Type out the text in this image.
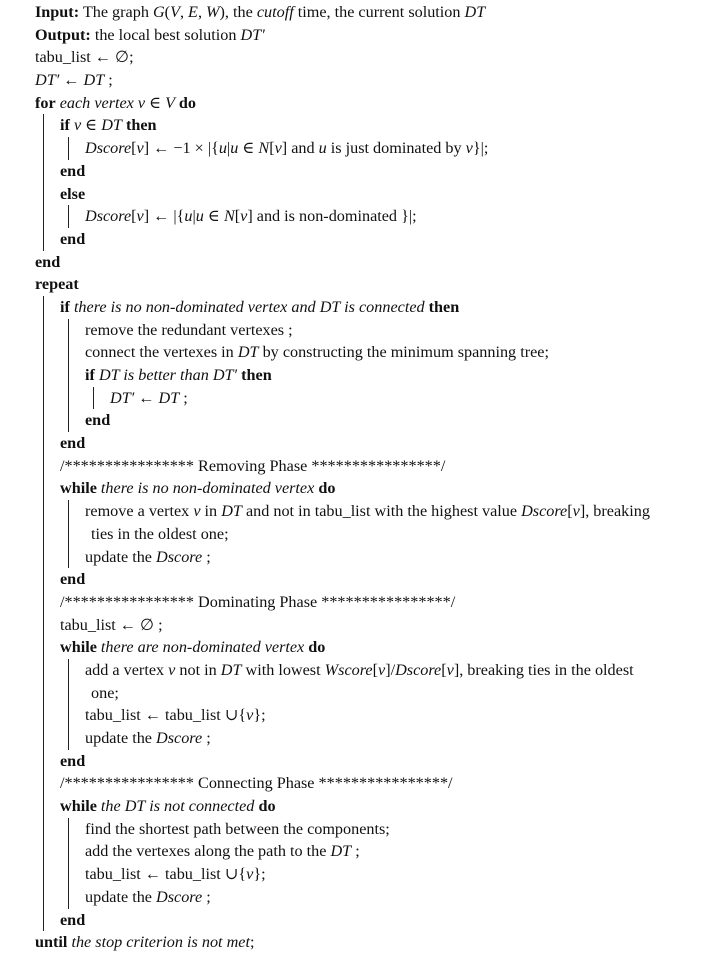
Input: The graph G(V, E, W), the cutoff time, the current solution DT
Output: the local best solution DT′
tabu_list ← ∅;
DT′ ← DT ;
for each vertex v ∈ V do
if v ∈ DT then
Dscore[v] ← −1 × |{u|u ∈ N[v] and u is just dominated by v}|;
end
else
Dscore[v] ← |{u|u ∈ N[v] and is non-dominated }|;
end
end
repeat
if there is no non-dominated vertex and DT is connected then
remove the redundant vertexes ;
connect the vertexes in DT by constructing the minimum spanning tree;
if DT is better than DT′ then
DT′ ← DT ;
end
end
/**************** Removing Phase ****************/
while there is no non-dominated vertex do
remove a vertex v in DT and not in tabu_list with the highest value Dscore[v], breaking
ties in the oldest one;
update the Dscore ;
end
/**************** Dominating Phase ****************/
tabu_list ← ∅ ;
while there are non-dominated vertex do
add a vertex v not in DT with lowest Wscore[v]/Dscore[v], breaking ties in the oldest
one;
tabu_list ← tabu_list ∪{v};
update the Dscore ;
end
/**************** Connecting Phase ****************/
while the DT is not connected do
find the shortest path between the components;
add the vertexes along the path to the DT ;
tabu_list ← tabu_list ∪{v};
update the Dscore ;
end
until the stop criterion is not met;
